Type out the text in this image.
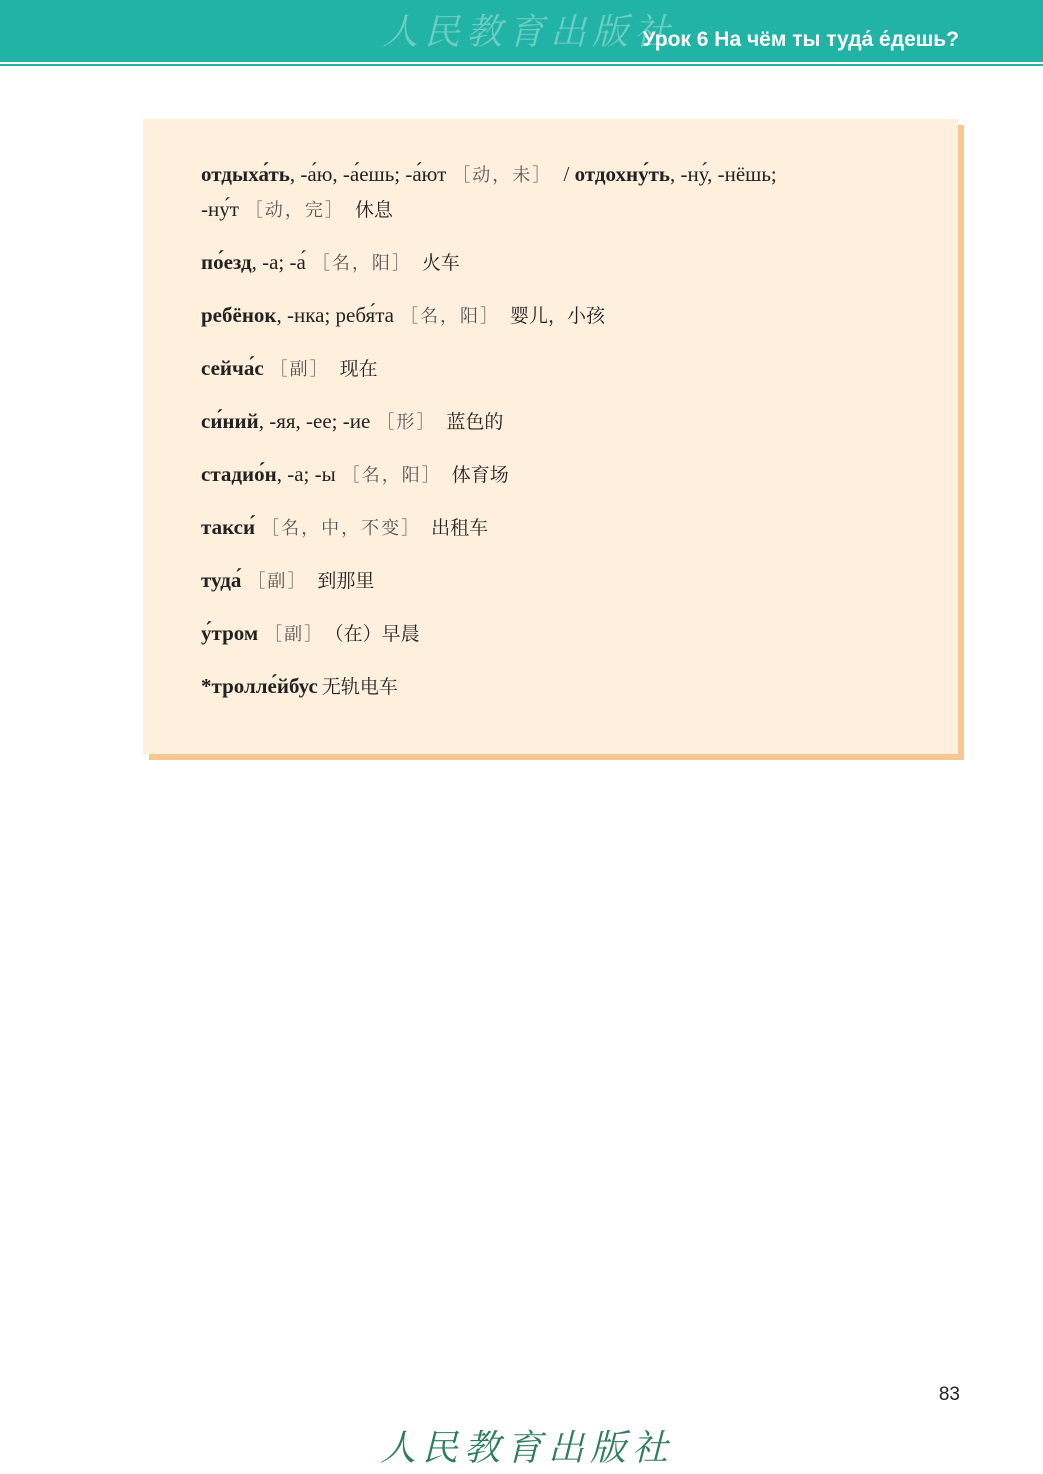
人民教育出版社
Урок 6 На чём ты туда́ е́дешь?
отдыха́ть, -а́ю, -а́ешь; -а́ют ［动，未］ / отдохну́ть, -ну́, -нёшь;
-ну́т ［动，完］ 休息
по́езд, -а; -а́ ［名，阳］ 火车
ребёнок, -нка; ребя́та ［名，阳］ 婴儿，小孩
сейча́с ［副］ 现在
си́ний, -яя, -ее; -ие ［形］ 蓝色的
стадио́н, -а; -ы ［名，阳］ 体育场
такси́ ［名，中，不变］ 出租车
туда́ ［副］ 到那里
у́тром ［副］ （在）早晨
*тролле́йбус 无轨电车
83
人民教育出版社
